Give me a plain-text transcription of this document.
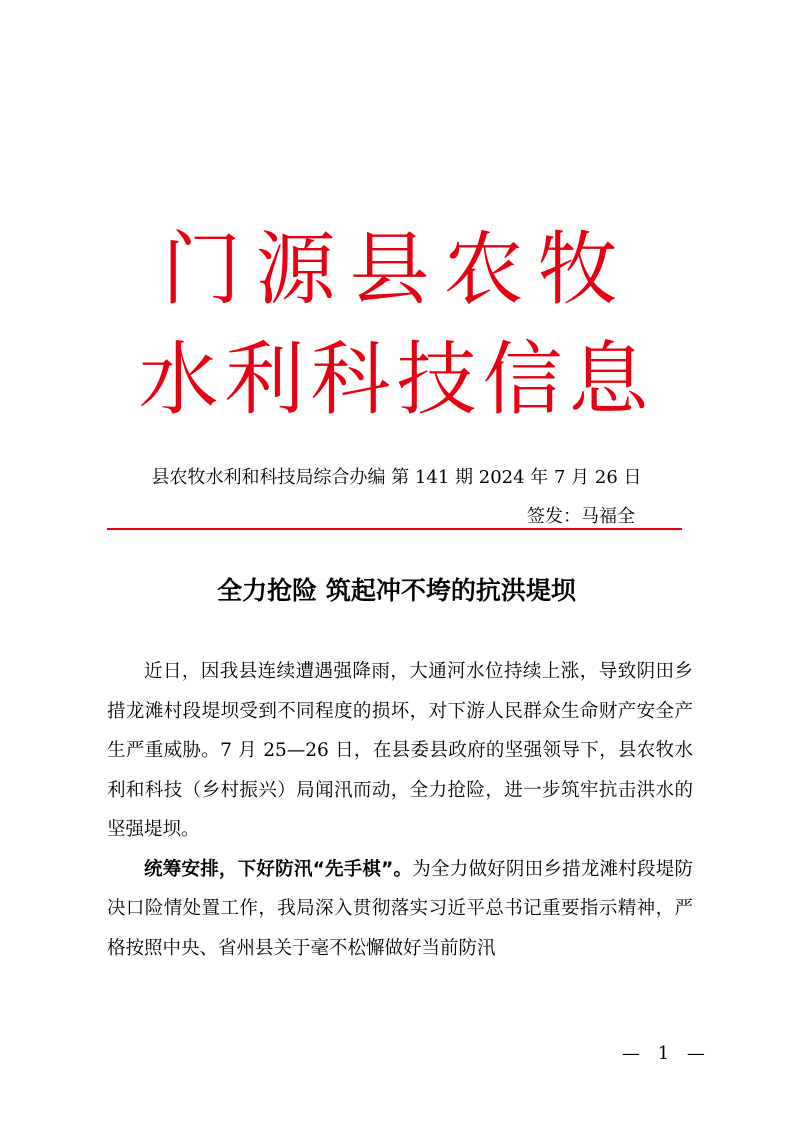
门源县农牧
水利科技信息
县农牧水利和科技局综合办编 第 141 期 2024 年 7 月 26 日
签发：马福全
全力抢险 筑起冲不垮的抗洪堤坝

近日，因我县连续遭遇强降雨，大通河水位持续上涨，导致阴田乡措龙滩村段堤坝受到不同程度的损坏，对下游人民群众生命财产安全产生严重威胁。7 月 25—26 日，在县委县政府的坚强领导下，县农牧水利和科技（乡村振兴）局闻汛而动，全力抢险，进一步筑牢抗击洪水的坚强堤坝。

统筹安排，下好防汛“先手棋”。为全力做好阴田乡措龙滩村段堤防决口险情处置工作，我局深入贯彻落实习近平总书记重要指示精神，严格按照中央、省州县关于毫不松懈做好当前防汛

— 1 —
